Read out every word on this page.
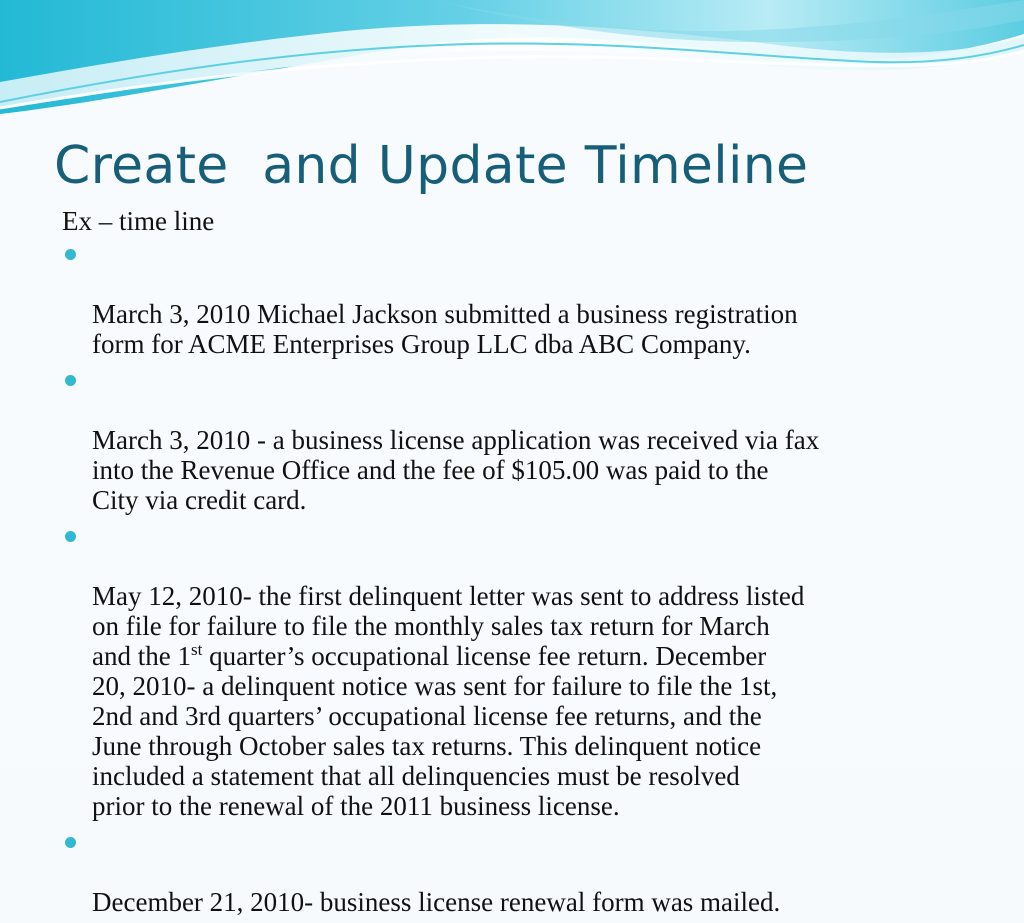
Create  and Update Timeline
Ex – time line

March 3, 2010 Michael Jackson submitted a business registration
form for ACME Enterprises Group LLC dba ABC Company.

March 3, 2010 - a business license application was received via fax
into the Revenue Office and the fee of $105.00 was paid to the
City via credit card.

May 12, 2010- the first delinquent letter was sent to address listed
on file for failure to file the monthly sales tax return for March
and the 1st quarter’s occupational license fee return. December
20, 2010- a delinquent notice was sent for failure to file the 1st,
2nd and 3rd quarters’ occupational license fee returns, and the
June through October sales tax returns. This delinquent notice
included a statement that all delinquencies must be resolved
prior to the renewal of the 2011 business license.

December 21, 2010- business license renewal form was mailed.
